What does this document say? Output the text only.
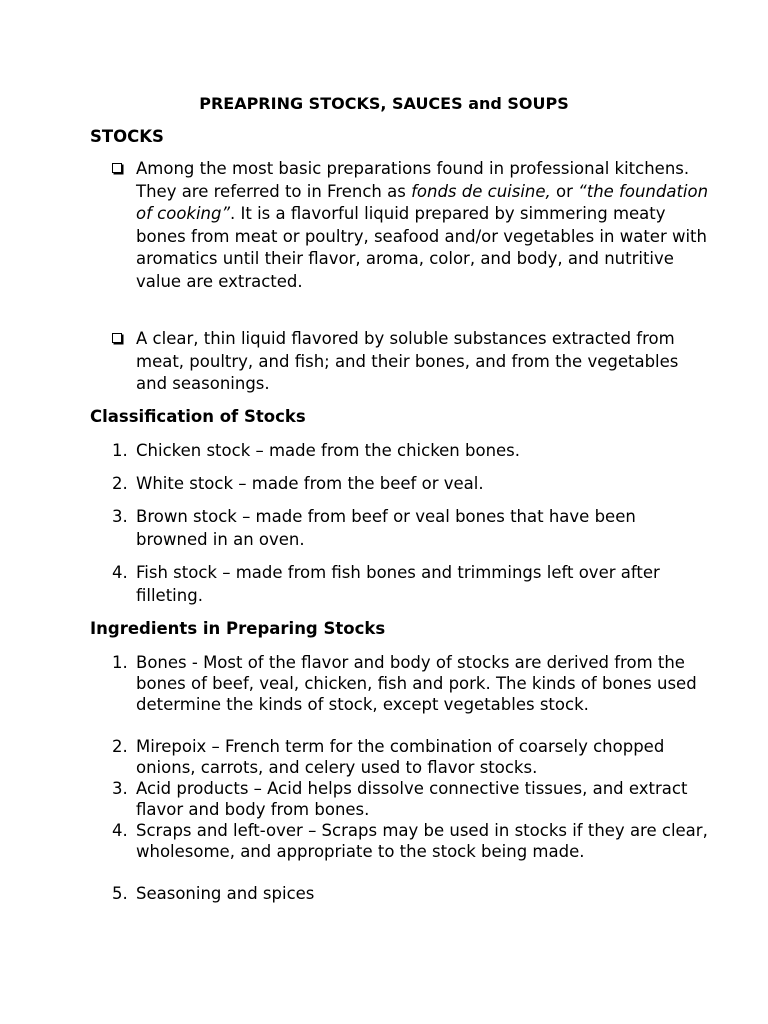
PREAPRING STOCKS, SAUCES and SOUPS
STOCKS
Among the most basic preparations found in professional kitchens. They are referred to in French as fonds de cuisine, or “the foundation of cooking”. It is a flavorful liquid prepared by simmering meaty bones from meat or poultry, seafood and/or vegetables in water with aromatics until their flavor, aroma, color, and body, and nutritive value are extracted.
A clear, thin liquid flavored by soluble substances extracted from meat, poultry, and fish; and their bones, and from the vegetables and seasonings.
Classification of Stocks
1. Chicken stock – made from the chicken bones.
2. White stock – made from the beef or veal.
3. Brown stock – made from beef or veal bones that have been browned in an oven.
4. Fish stock – made from fish bones and trimmings left over after filleting.
Ingredients in Preparing Stocks
1. Bones - Most of the flavor and body of stocks are derived from the bones of beef, veal, chicken, fish and pork. The kinds of bones used determine the kinds of stock, except vegetables stock.
2. Mirepoix – French term for the combination of coarsely chopped onions, carrots, and celery used to flavor stocks.
3. Acid products – Acid helps dissolve connective tissues, and extract flavor and body from bones.
4. Scraps and left-over – Scraps may be used in stocks if they are clear, wholesome, and appropriate to the stock being made.
5. Seasoning and spices
